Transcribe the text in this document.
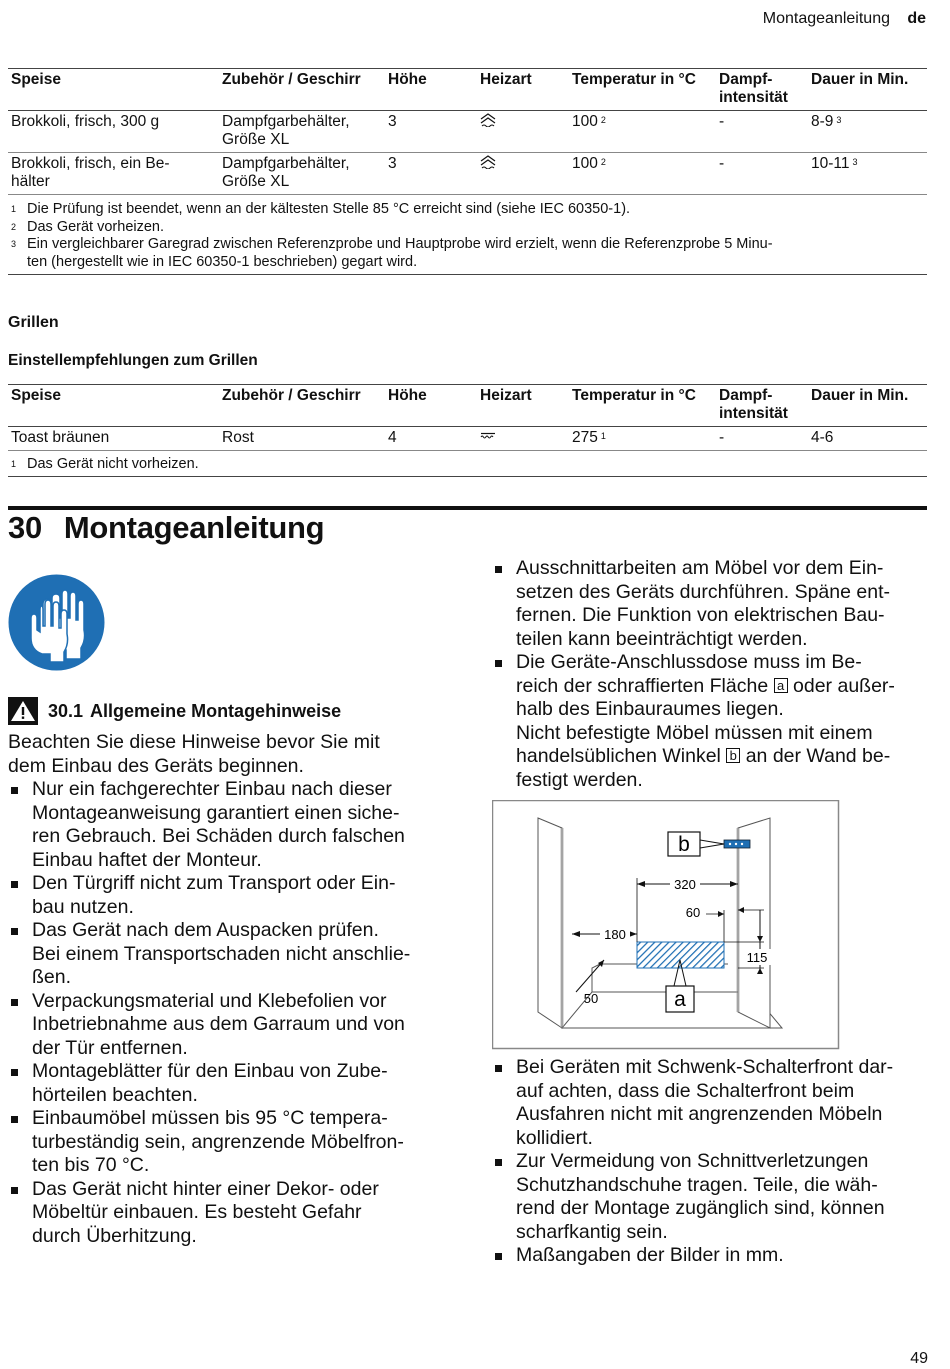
Montageanleitung de
Speise	Zubehör / Geschirr	Höhe	Heizart	Temperatur in °C	Dampf-intensität	Dauer in Min.
Brokkoli, frisch, 300 g	Dampfgarbehälter, Größe XL	3		100 $^2$	-	8-9 $^3$
Brokkoli, frisch, ein Be-
hälter	Dampfgarbehälter, Größe XL	3		100 $^2$	-	10-11 $^3$
1 Die Prüfung ist beendet, wenn an der kältesten Stelle 85 °C erreicht sind (siehe IEC 60350-1).
2 Das Gerät vorheizen.
3 Ein vergleichbarer Garegrad zwischen Referenzprobe und Hauptprobe wird erzielt, wenn die Referenzprobe 5 Minu-
ten (hergestellt wie in IEC 60350-1 beschrieben) gegart wird.
Grillen
Einstellempfehlungen zum Grillen
Speise	Zubehör / Geschirr	Höhe	Heizart	Temperatur in °C	Dampf-intensität	Dauer in Min.
Toast bräunen	Rost	4		275 $^1$	-	4-6
1 Das Gerät nicht vorheizen.
30 Montageanleitung
30.1 Allgemeine Montagehinweise
Beachten Sie diese Hinweise bevor Sie mit
dem Einbau des Geräts beginnen.
Nur ein fachgerechter Einbau nach dieser
Montageanweisung garantiert einen siche-
ren Gebrauch. Bei Schäden durch falschen
Einbau haftet der Monteur.
Den Türgriff nicht zum Transport oder Ein-
bau nutzen.
Das Gerät nach dem Auspacken prüfen.
Bei einem Transportschaden nicht anschlie-
ßen.
Verpackungsmaterial und Klebefolien vor
Inbetriebnahme aus dem Garraum und von
der Tür entfernen.
Montageblätter für den Einbau von Zube-
hörteilen beachten.
Einbaumöbel müssen bis 95 °C tempera-
turbeständig sein, angrenzende Möbelfron-
ten bis 70 °C.
Das Gerät nicht hinter einer Dekor- oder
Möbeltür einbauen. Es besteht Gefahr
durch Überhitzung.
Ausschnittarbeiten am Möbel vor dem Ein-
setzen des Geräts durchführen. Späne ent-
fernen. Die Funktion von elektrischen Bau-
teilen kann beeinträchtigt werden.
Die Geräte-Anschlussdose muss im Be-
reich der schraffierten Fläche a oder außer-
halb des Einbauraumes liegen.
Nicht befestigte Möbel müssen mit einem
handelsüblichen Winkel b an der Wand be-
festigt werden.
b
a
320
60
180
115
50
Bei Geräten mit Schwenk-Schalterfront dar-
auf achten, dass die Schalterfront beim
Ausfahren nicht mit angrenzenden Möbeln
kollidiert.
Zur Vermeidung von Schnittverletzungen
Schutzhandschuhe tragen. Teile, die wäh-
rend der Montage zugänglich sind, können
scharfkantig sein.
Maßangaben der Bilder in mm.
49
